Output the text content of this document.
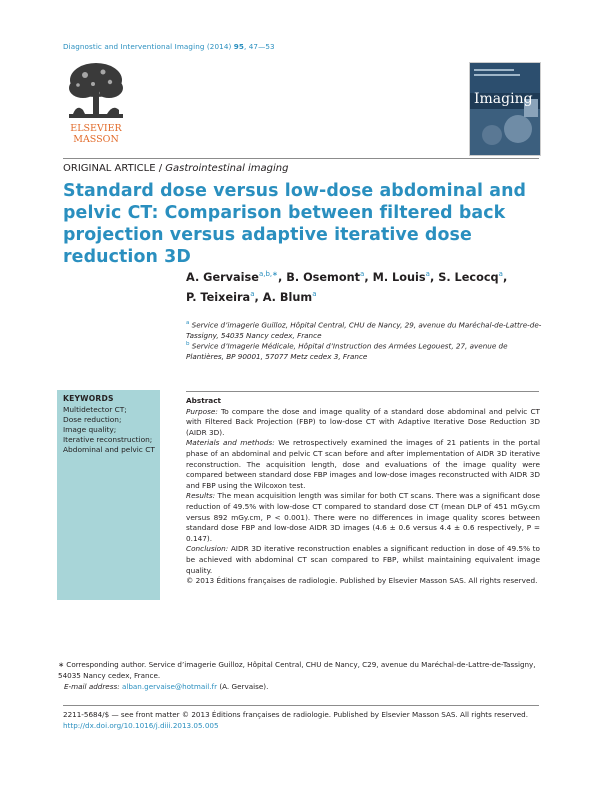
Diagnostic and Interventional Imaging (2014) 95, 47—53
ELSEVIER
MASSON
Imaging
ORIGINAL ARTICLE / Gastrointestinal imaging
Standard dose versus low-dose abdominal and pelvic CT: Comparison between filtered back projection versus adaptive iterative dose reduction 3D
A. Gervaise$^{a,b,∗}$, B. Osemont$^a$, M. Louis$^a$, S. Lecocq$^a$,
P. Teixeira$^a$, A. Blum$^a$
$^a$ Service d’imagerie Guilloz, Hôpital Central, CHU de Nancy, 29, avenue du Maréchal-de-Lattre-de-Tassigny, 54035 Nancy cedex, France
$^b$ Service d’Imagerie Médicale, Hôpital d’Instruction des Armées Legouest, 27, avenue de Plantières, BP 90001, 57077 Metz cedex 3, France
KEYWORDS
Multidetector CT;
Dose reduction;
Image quality;
Iterative reconstruction;
Abdominal and pelvic CT

Abstract

Purpose: To compare the dose and image quality of a standard dose abdominal and pelvic CT with Filtered Back Projection (FBP) to low-dose CT with Adaptive Iterative Dose Reduction 3D (AIDR 3D).

Materials and methods: We retrospectively examined the images of 21 patients in the portal phase of an abdominal and pelvic CT scan before and after implementation of AIDR 3D iterative reconstruction. The acquisition length, dose and evaluations of the image quality were compared between standard dose FBP images and low-dose images reconstructed with AIDR 3D and FBP using the Wilcoxon test.

Results: The mean acquisition length was similar for both CT scans. There was a significant dose reduction of 49.5% with low-dose CT compared to standard dose CT (mean DLP of 451 mGy.cm versus 892 mGy.cm, P < 0.001). There were no differences in image quality scores between standard dose FBP and low-dose AIDR 3D images (4.6 ± 0.6 versus 4.4 ± 0.6 respectively, P = 0.147).

Conclusion: AIDR 3D iterative reconstruction enables a significant reduction in dose of 49.5% to be achieved with abdominal CT scan compared to FBP, whilst maintaining equivalent image quality.

© 2013 Éditions françaises de radiologie. Published by Elsevier Masson SAS. All rights reserved.

∗ Corresponding author. Service d’imagerie Guilloz, Hôpital Central, CHU de Nancy, C29, avenue du Maréchal-de-Lattre-de-Tassigny, 54035 Nancy cedex, France.
E-mail address: alban.gervaise@hotmail.fr (A. Gervaise).
2211-5684/$ — see front matter © 2013 Éditions françaises de radiologie. Published by Elsevier Masson SAS. All rights reserved.
http://dx.doi.org/10.1016/j.diii.2013.05.005
